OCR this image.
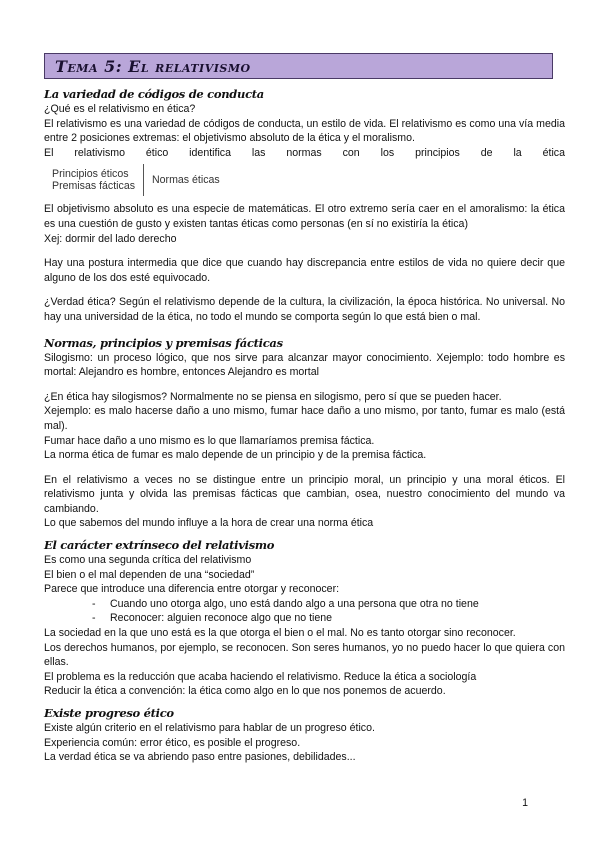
Tema 5: El relativismo
La variedad de códigos de conducta

¿Qué es el relativismo en ética?

El relativismo es una variedad de códigos de conducta, un estilo de vida. El relativismo es como una vía media entre 2 posiciones extremas: el objetivismo absoluto de la ética y el moralismo.

El relativismo ético identifica las normas con los principios de la ética

Principios éticos
Premisas fácticas	Normas éticas

El objetivismo absoluto es una especie de matemáticas. El otro extremo sería caer en el amoralismo: la ética es una cuestión de gusto y existen tantas éticas como personas (en sí no existiría la ética)

Xej: dormir del lado derecho

Hay una postura intermedia que dice que cuando hay discrepancia entre estilos de vida no quiere decir que alguno de los dos esté equivocado.

¿Verdad ética? Según el relativismo depende de la cultura, la civilización, la época histórica. No universal. No hay una universidad de la ética, no todo el mundo se comporta según lo que está bien o mal.

Normas, principios y premisas fácticas

Silogismo: un proceso lógico, que nos sirve para alcanzar mayor conocimiento. Xejemplo: todo hombre es mortal: Alejandro es hombre, entonces Alejandro es mortal

¿En ética hay silogismos? Normalmente no se piensa en silogismo, pero sí que se pueden hacer.

Xejemplo: es malo hacerse daño a uno mismo, fumar hace daño a uno mismo, por tanto, fumar es malo (está mal).

Fumar hace daño a uno mismo es lo que llamaríamos premisa fáctica.

La norma ética de fumar es malo depende de un principio y de la premisa fáctica.

En el relativismo a veces no se distingue entre un principio moral, un principio y una moral éticos. El relativismo junta y olvida las premisas fácticas que cambian, osea, nuestro conocimiento del mundo va cambiando.

Lo que sabemos del mundo influye a la hora de crear una norma ética

El carácter extrínseco del relativismo

Es como una segunda crítica del relativismo

El bien o el mal dependen de una “sociedad”

Parece que introduce una diferencia entre otorgar y reconocer:

-	Cuando uno otorga algo, uno está dando algo a una persona que otra no tiene
-	Reconocer: alguien reconoce algo que no tiene

La sociedad en la que uno está es la que otorga el bien o el mal. No es tanto otorgar sino reconocer.

Los derechos humanos, por ejemplo, se reconocen. Son seres humanos, yo no puedo hacer lo que quiera con ellas.

El problema es la reducción que acaba haciendo el relativismo. Reduce la ética a sociología

Reducir la ética a convención: la ética como algo en lo que nos ponemos de acuerdo.

Existe progreso ético

Existe algún criterio en el relativismo para hablar de un progreso ético.

Experiencia común: error ético, es posible el progreso.

La verdad ética se va abriendo paso entre pasiones, debilidades...

1
